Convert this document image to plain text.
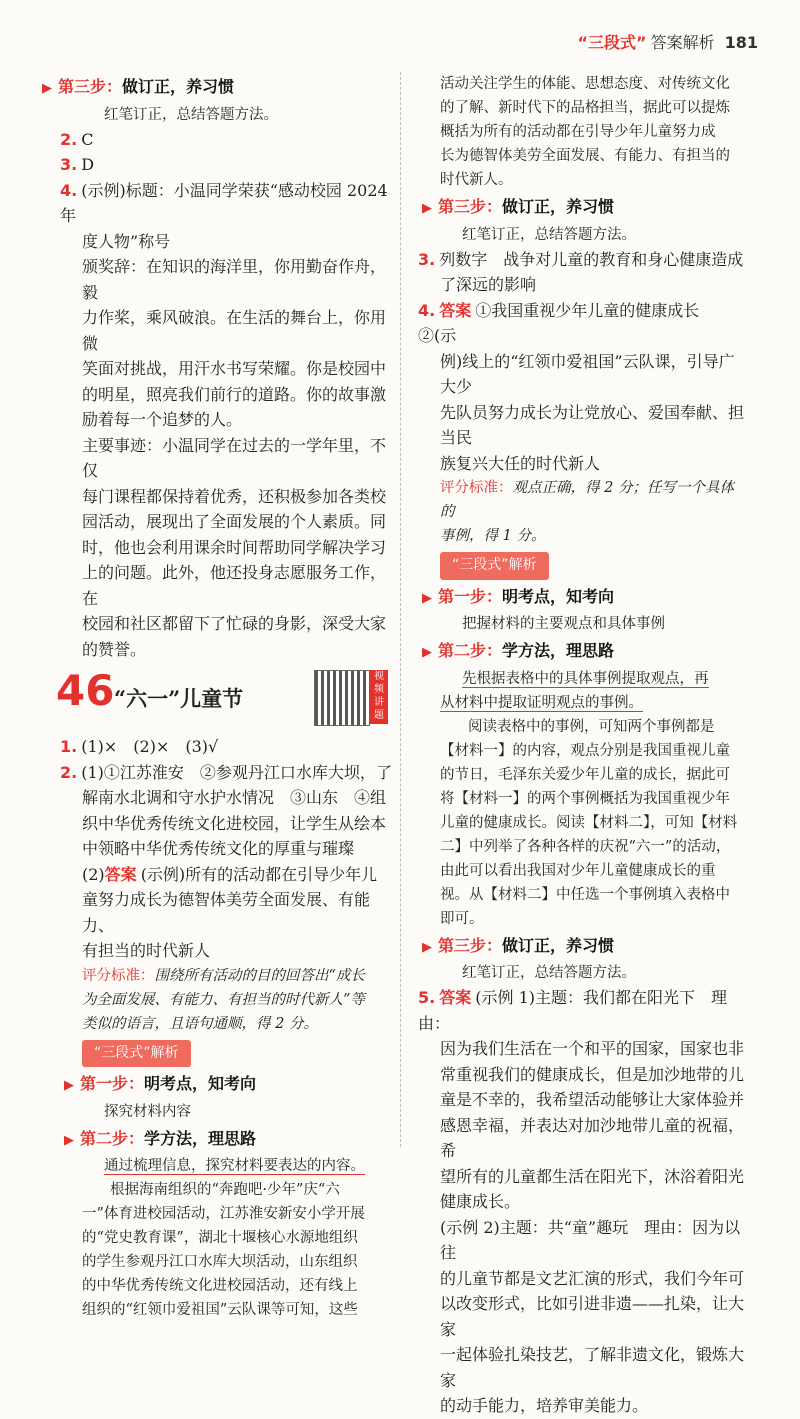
“三段式” 答案解析 181
▶ 第三步：做订正，养习惯

红笔订正，总结答题方法。

2. C

3. D

4. (示例)标题：小温同学荣获“感动校园 2024 年

度人物”称号

颁奖辞：在知识的海洋里，你用勤奋作舟，毅

力作桨，乘风破浪。在生活的舞台上，你用微

笑面对挑战，用汗水书写荣耀。你是校园中

的明星，照亮我们前行的道路。你的故事激

励着每一个追梦的人。

主要事迹：小温同学在过去的一学年里，不仅

每门课程都保持着优秀，还积极参加各类校

园活动，展现出了全面发展的个人素质。同

时，他也会利用课余时间帮助同学解决学习

上的问题。此外，他还投身志愿服务工作，在

校园和社区都留下了忙碌的身影，深受大家

的赞誉。

46 “六一”儿童节
视频讲题

1. (1)×　(2)×　(3)√

2. (1)①江苏淮安　②参观丹江口水库大坝，了

解南水北调和守水护水情况　③山东　④组

织中华优秀传统文化进校园，让学生从绘本

中领略中华优秀传统文化的厚重与璀璨

(2)答案 (示例)所有的活动都在引导少年儿

童努力成长为德智体美劳全面发展、有能力、

有担当的时代新人

评分标准：围绕所有活动的目的回答出“成长

为全面发展、有能力、有担当的时代新人”等

类似的语言，且语句通顺，得 2 分。

“三段式”解析
▶ 第一步：明考点，知考向

探究材料内容

▶ 第二步：学方法，理思路

通过梳理信息，探究材料要表达的内容。

根据海南组织的“奔跑吧·少年”庆“六

一”体育进校园活动，江苏淮安新安小学开展

的“党史教育课”，湖北十堰核心水源地组织

的学生参观丹江口水库大坝活动，山东组织

的中华优秀传统文化进校园活动，还有线上

组织的“红领巾爱祖国”云队课等可知，这些

活动关注学生的体能、思想态度、对传统文化

的了解、新时代下的品格担当，据此可以提炼

概括为所有的活动都在引导少年儿童努力成

长为德智体美劳全面发展、有能力、有担当的

时代新人。

▶ 第三步：做订正，养习惯

红笔订正，总结答题方法。

3. 列数字　战争对儿童的教育和身心健康造成

了深远的影响

4. 答案 ①我国重视少年儿童的健康成长　②(示

例)线上的“红领巾爱祖国”云队课，引导广大少

先队员努力成长为让党放心、爱国奉献、担当民

族复兴大任的时代新人

评分标准：观点正确，得 2 分；任写一个具体的

事例，得 1 分。

“三段式”解析
▶ 第一步：明考点，知考向

把握材料的主要观点和具体事例

▶ 第二步：学方法，理思路

先根据表格中的具体事例提取观点，再

从材料中提取证明观点的事例。

阅读表格中的事例，可知两个事例都是

【材料一】的内容，观点分别是我国重视儿童

的节日，毛泽东关爱少年儿童的成长，据此可

将【材料一】的两个事例概括为我国重视少年

儿童的健康成长。阅读【材料二】，可知【材料

二】中列举了各种各样的庆祝“六一”的活动，

由此可以看出我国对少年儿童健康成长的重

视。从【材料二】中任选一个事例填入表格中

即可。

▶ 第三步：做订正，养习惯

红笔订正，总结答题方法。

5. 答案 (示例 1)主题：我们都在阳光下　理由：

因为我们生活在一个和平的国家，国家也非

常重视我们的健康成长，但是加沙地带的儿

童是不幸的，我希望活动能够让大家体验并

感恩幸福，并表达对加沙地带儿童的祝福，希

望所有的儿童都生活在阳光下，沐浴着阳光

健康成长。

(示例 2)主题：共“童”趣玩　理由：因为以往

的儿童节都是文艺汇演的形式，我们今年可

以改变形式，比如引进非遗——扎染，让大家

一起体验扎染技艺，了解非遗文化，锻炼大家

的动手能力，培养审美能力。
